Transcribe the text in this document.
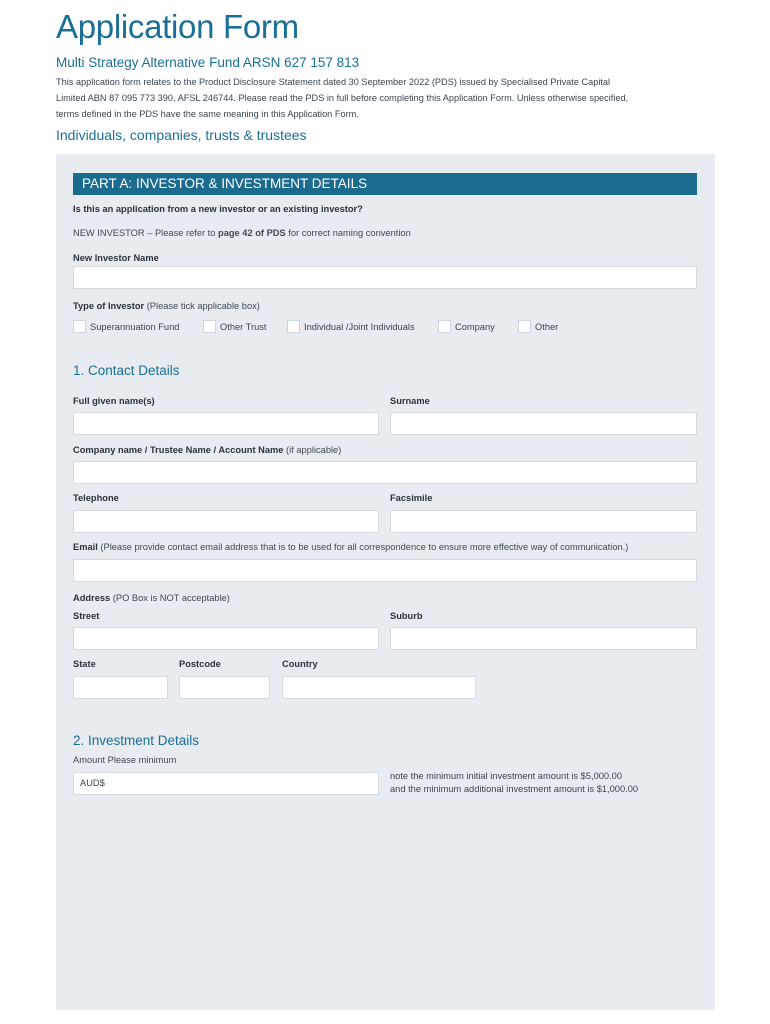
Application Form
Multi Strategy Alternative Fund ARSN 627 157 813
This application form relates to the Product Disclosure Statement dated 30 September 2022 (PDS) issued by Specialised Private Capital
Limited ABN 87 095 773 390, AFSL 246744. Please read the PDS in full before completing this Application Form. Unless otherwise specified,
terms defined in the PDS have the same meaning in this Application Form.
Individuals, companies, trusts & trustees
PART A: INVESTOR & INVESTMENT DETAILS
Is this an application from a new investor or an existing investor?
NEW INVESTOR – Please refer to page 42 of PDS for correct naming convention
New Investor Name
Type of Investor (Please tick applicable box)
Superannuation Fund	Other Trust	Individual /Joint Individuals	Company	Other
1. Contact Details
Full given name(s)	Surname
Company name / Trustee Name / Account Name (if applicable)
Telephone	Facsimile
Email (Please provide contact email address that is to be used for all correspondence to ensure more effective way of communication.)
Address (PO Box is NOT acceptable)
Street	Suburb
State	Postcode	Country
2. Investment Details
Amount Please minimum
AUD$
note the minimum initial investment amount is $5,000.00
and the minimum additional investment amount is $1,000.00
